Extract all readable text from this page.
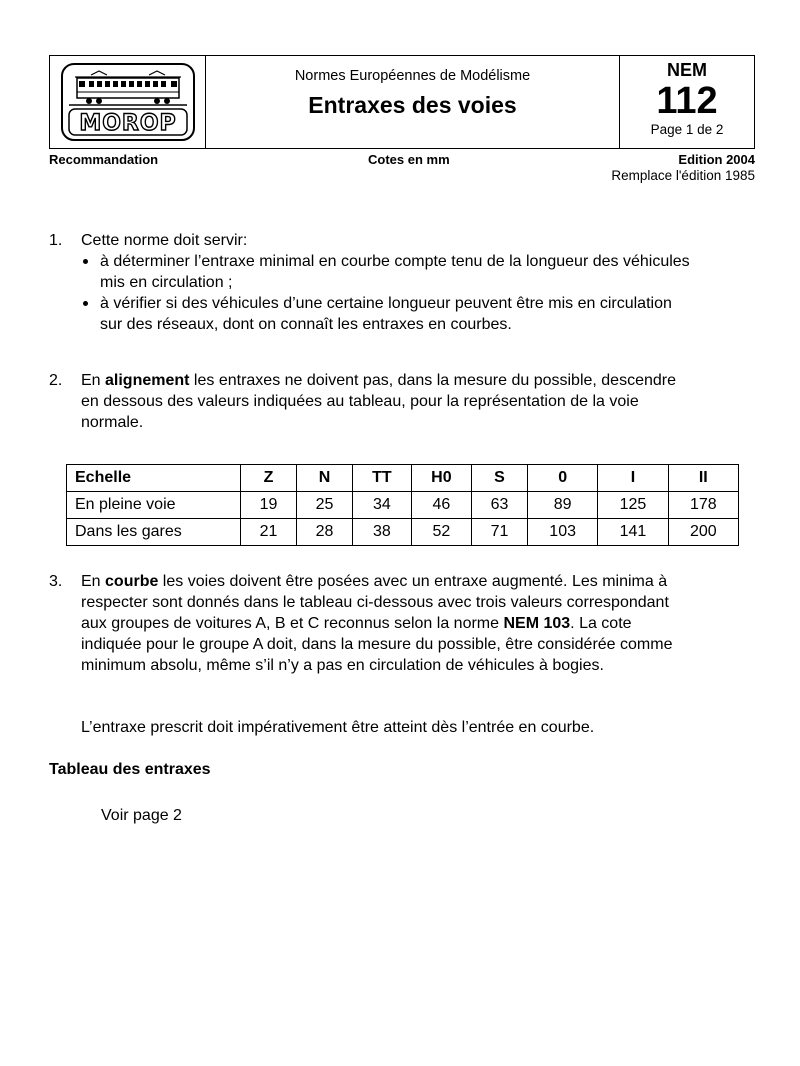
MOROP
Normes Européennes de Modélisme
Entraxes des voies
NEM
112
Page 1 de 2
Recommandation	Cotes en mm	Edition 2004
Remplace l'édition 1985
1. Cette norme doit servir:
à déterminer l’entraxe minimal en courbe compte tenu de la longueur des véhicules
mis en circulation ;
à vérifier si des véhicules d’une certaine longueur peuvent être mis en circulation
sur des réseaux, dont on connaît les entraxes en courbes.
2. En alignement les entraxes ne doivent pas, dans la mesure du possible, descendre
en dessous des valeurs indiquées au tableau, pour la représentation de la voie
normale.
Echelle	Z	N	TT	H0	S	0	I	II
En pleine voie	19	25	34	46	63	89	125	178
Dans les gares	21	28	38	52	71	103	141	200
3. En courbe les voies doivent être posées avec un entraxe augmenté. Les minima à
respecter sont donnés dans le tableau ci-dessous avec trois valeurs correspondant
aux groupes de voitures A, B et C reconnus selon la norme NEM 103. La cote
indiquée pour le groupe A doit, dans la mesure du possible, être considérée comme
minimum absolu, même s’il n’y a pas en circulation de véhicules à bogies.
L’entraxe prescrit doit impérativement être atteint dès l’entrée en courbe.
Tableau des entraxes
Voir page 2
